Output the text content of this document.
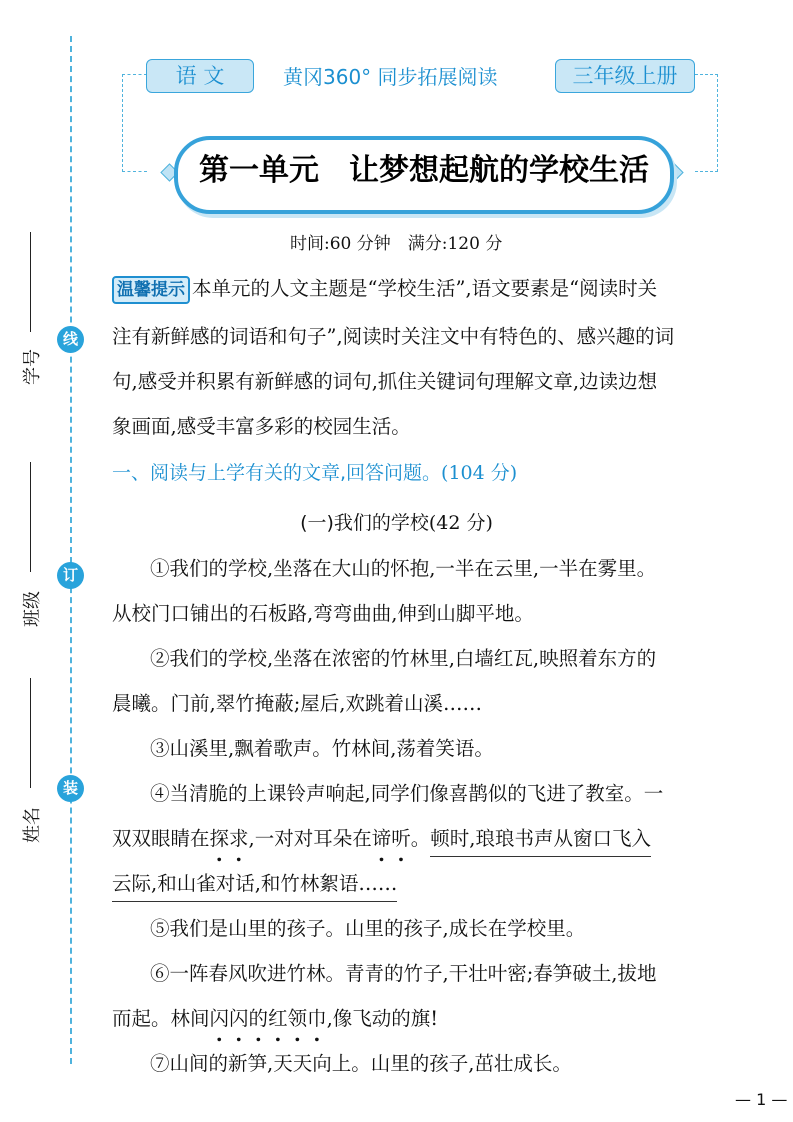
线
订
装
学号
班级
姓名
语 文	黄冈360° 同步拓展阅读	三年级上册
第一单元　让梦想起航的学校生活
时间:60 分钟　满分:120 分
温馨提示 本单元的人文主题是“学校生活”,语文要素是“阅读时关
注有新鲜感的词语和句子”,阅读时关注文中有特色的、感兴趣的词
句,感受并积累有新鲜感的词句,抓住关键词句理解文章,边读边想
象画面,感受丰富多彩的校园生活。
一、阅读与上学有关的文章,回答问题。(104 分)
(一)我们的学校(42 分)
①我们的学校,坐落在大山的怀抱,一半在云里,一半在雾里。
从校门口铺出的石板路,弯弯曲曲,伸到山脚平地。
②我们的学校,坐落在浓密的竹林里,白墙红瓦,映照着东方的
晨曦。门前,翠竹掩蔽;屋后,欢跳着山溪……
③山溪里,飘着歌声。竹林间,荡着笑语。
④当清脆的上课铃声响起,同学们像喜鹊似的飞进了教室。一
双双眼睛在探求,一对对耳朵在谛听。顿时,琅琅书声从窗口飞入
云际,和山雀对话,和竹林絮语……
⑤我们是山里的孩子。山里的孩子,成长在学校里。
⑥一阵春风吹进竹林。青青的竹子,干壮叶密;春笋破土,拔地
而起。林间闪闪的红领巾,像飞动的旗!
⑦山间的新笋,天天向上。山里的孩子,茁壮成长。
— 1 —
